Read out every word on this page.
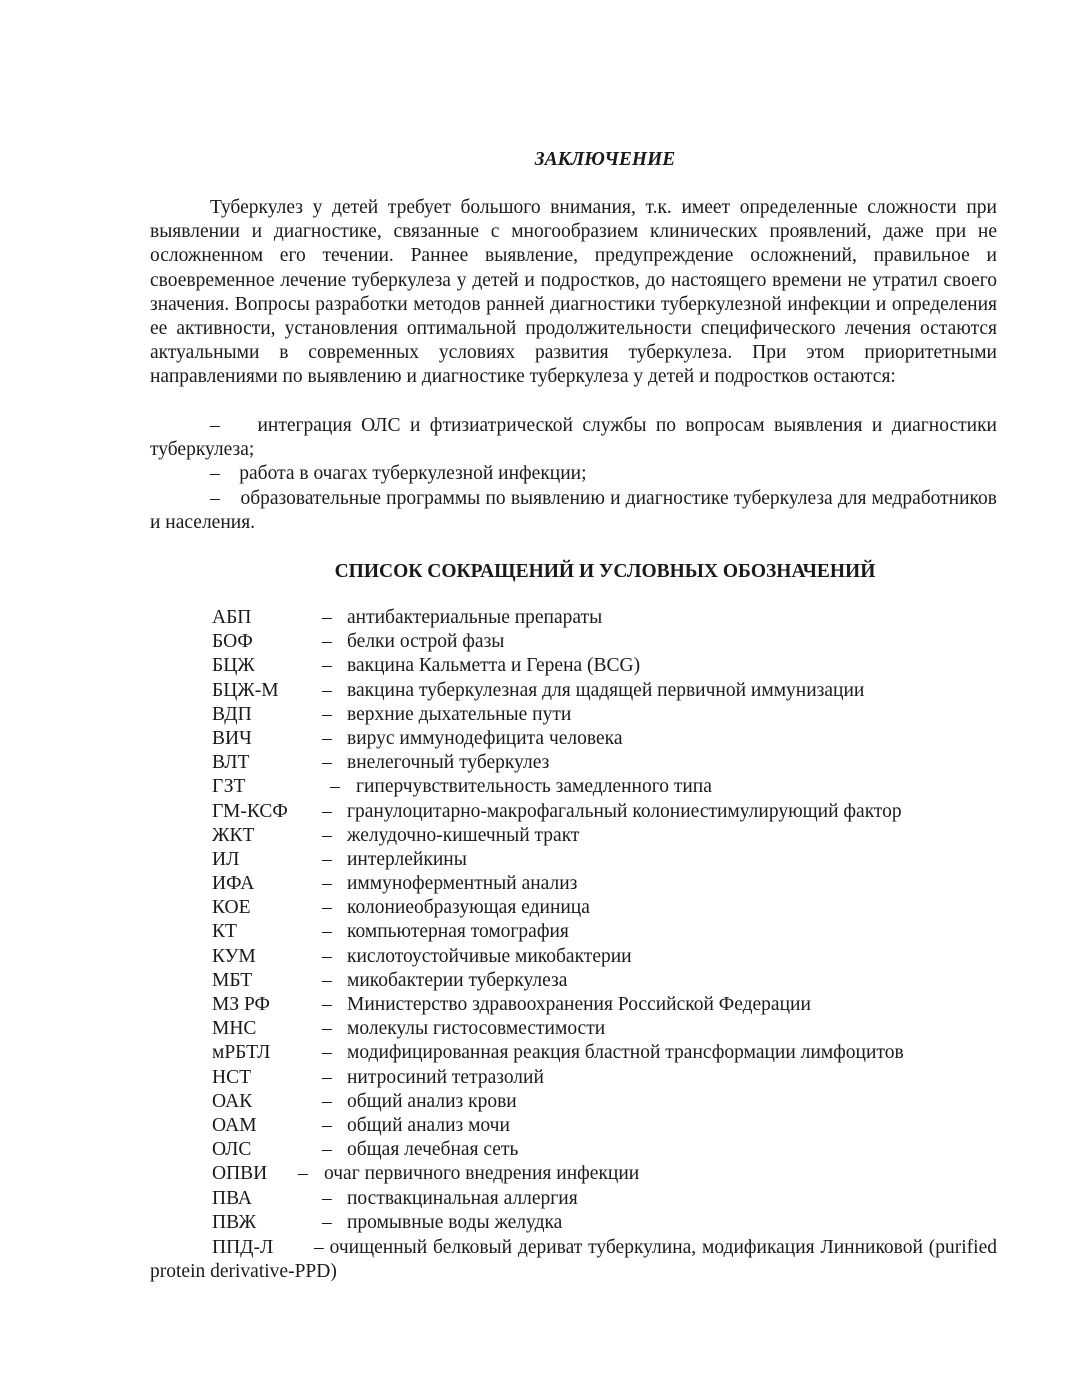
ЗАКЛЮЧЕНИЕ

Туберкулез у детей требует большого внимания, т.к. имеет определенные сложности при выявлении и диагностике, связанные с многообразием клинических проявлений, даже при не осложненном его течении. Раннее выявление, предупреждение осложнений, правильное и своевременное лечение туберкулеза у детей и подростков, до настоящего времени не утратил своего значения. Вопросы разработки методов ранней диагностики туберкулезной инфекции и определения ее активности, установления оптимальной продолжительности специфического лечения остаются актуальными в современных условиях развития туберкулеза. При этом приоритетными направлениями по выявлению и диагностике туберкулеза у детей и подростков остаются:

–    интеграция ОЛС и фтизиатрической службы по вопросам выявления и диагностики туберкулеза;
–    работа в очагах туберкулезной инфекции;
–    образовательные программы по выявлению и диагностике туберкулеза для медработников и населения.
СПИСОК СОКРАЩЕНИЙ И УСЛОВНЫХ ОБОЗНАЧЕНИЙ
АБП	– антибактериальные препараты
БОФ	– белки острой фазы
БЦЖ	– вакцина Кальметта и Герена (BCG)
БЦЖ-М – вакцина туберкулезная для щадящей первичной иммунизации
ВДП	– верхние дыхательные пути
ВИЧ	– вирус иммунодефицита человека
ВЛТ	– внелегочный туберкулез
ГЗТ	– гиперчувствительность замедленного типа
ГМ-КСФ – гранулоцитарно-макрофагальный колониестимулирующий фактор
ЖКТ	– желудочно-кишечный тракт
ИЛ	– интерлейкины
ИФА	– иммуноферментный анализ
КОЕ	– колониеобразующая единица
КТ	– компьютерная томография
КУМ	– кислотоустойчивые микобактерии
МБТ	– микобактерии туберкулеза
МЗ РФ	– Министерство здравоохранения Российской Федерации
МНС	– молекулы гистосовместимости
мРБТЛ	– модифицированная реакция бластной трансформации лимфоцитов
НСТ	– нитросиний тетразолий
ОАК	– общий анализ крови
ОАМ	– общий анализ мочи
ОЛС	– общая лечебная сеть
ОПВИ – очаг первичного внедрения инфекции
ПВА	– поствакцинальная аллергия
ПВЖ	– промывные воды желудка

ППД-Л       – очищенный белковый дериват туберкулина, модификация Линниковой (purified protein derivative-PPD)
